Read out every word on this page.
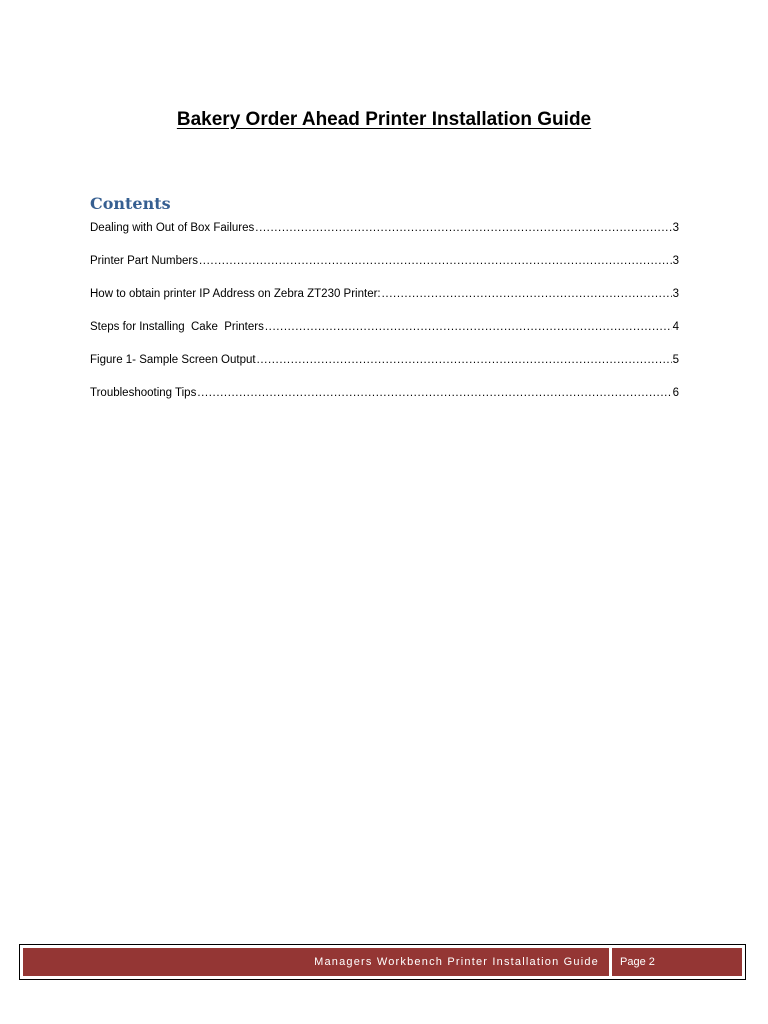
Bakery Order Ahead Printer Installation Guide
Contents
Dealing with Out of Box Failures .....	3
Printer Part Numbers .....	3
How to obtain printer IP Address on Zebra ZT230 Printer: .....	3
Steps for Installing  Cake  Printers .....	4
Figure 1- Sample Screen Output .....	5
Troubleshooting Tips .....	6
Managers Workbench Printer Installation Guide	Page 2
